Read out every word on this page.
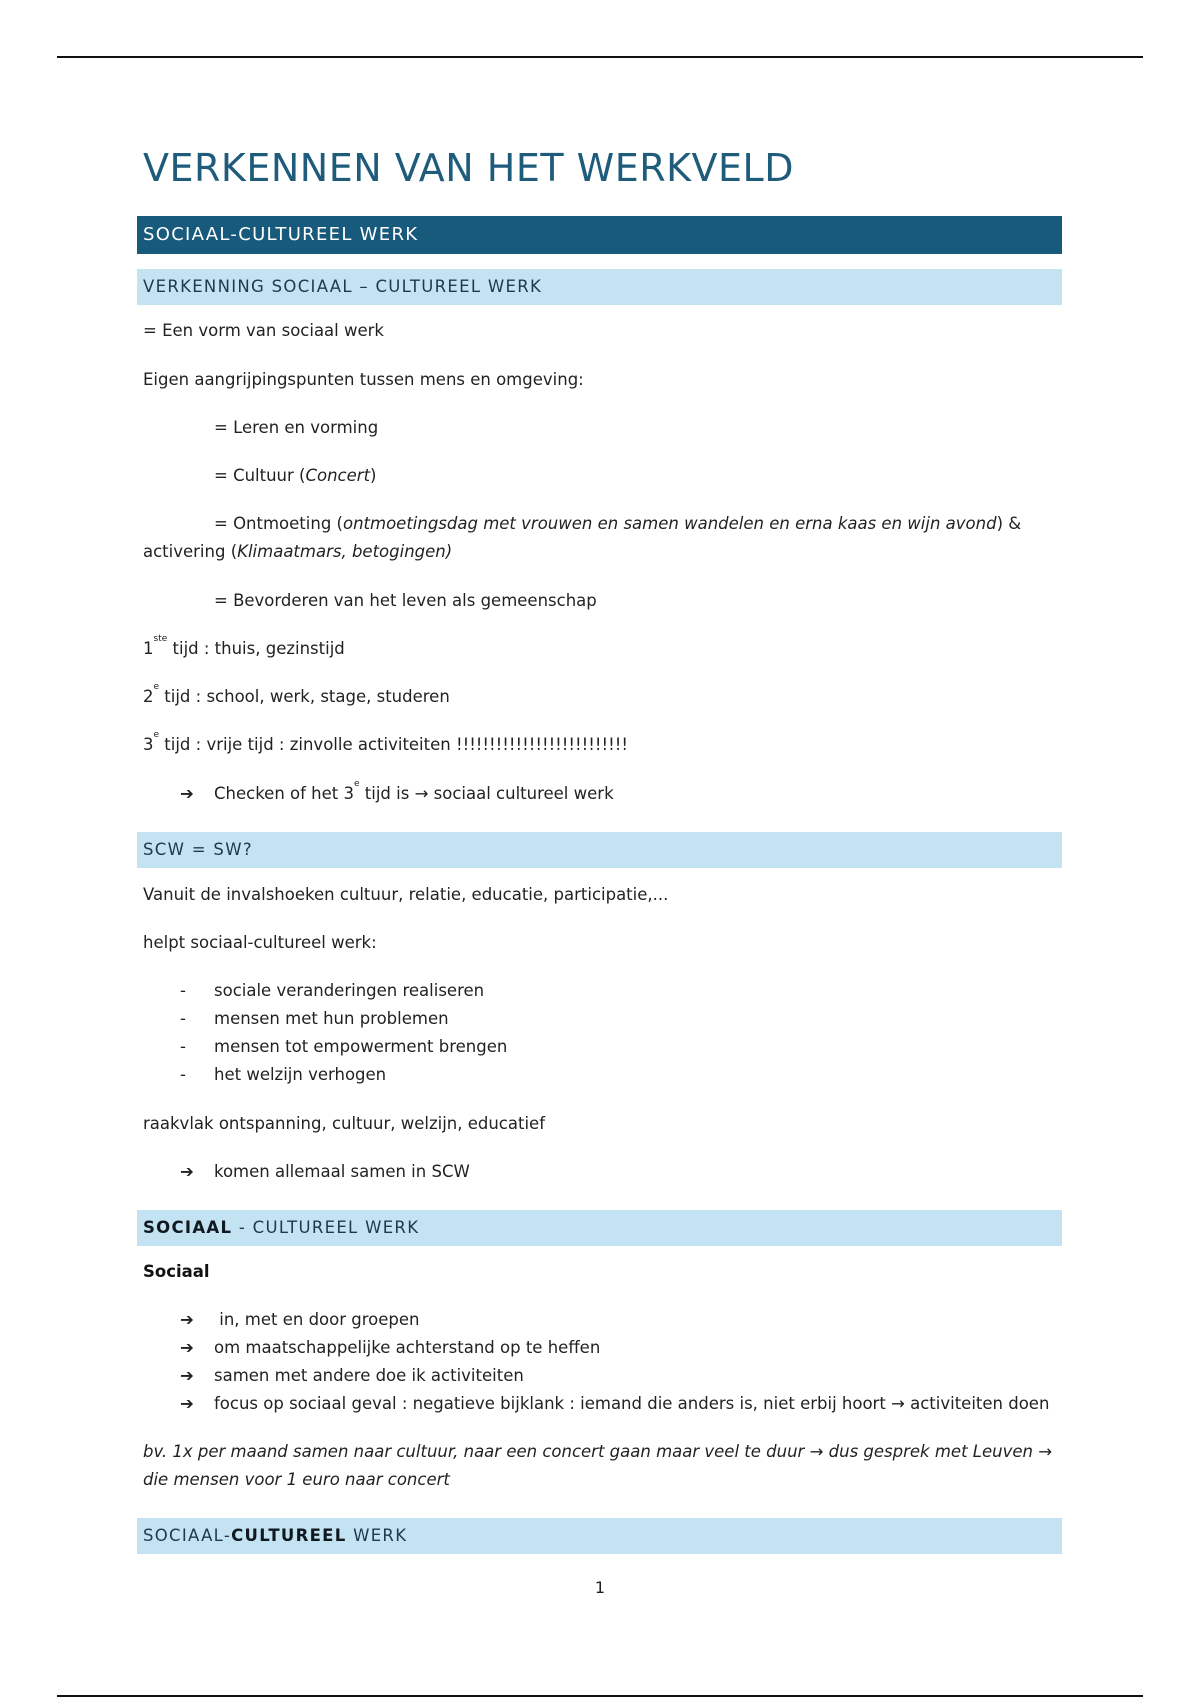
VERKENNEN VAN HET WERKVELD
SOCIAAL-CULTUREEL WERK
VERKENNING SOCIAAL – CULTUREEL WERK
= Een vorm van sociaal werk
Eigen aangrijpingspunten tussen mens en omgeving:
= Leren en vorming
= Cultuur (Concert)
= Ontmoeting (ontmoetingsdag met vrouwen en samen wandelen en erna kaas en wijn avond) &
activering (Klimaatmars, betogingen)
= Bevorderen van het leven als gemeenschap
1ste tijd : thuis, gezinstijd
2e tijd : school, werk, stage, studeren
3e tijd : vrije tijd : zinvolle activiteiten !!!!!!!!!!!!!!!!!!!!!!!!!!
➔ Checken of het 3e tijd is → sociaal cultureel werk
SCW = SW?
Vanuit de invalshoeken cultuur, relatie, educatie, participatie,...
helpt sociaal-cultureel werk:
- sociale veranderingen realiseren
- mensen met hun problemen
- mensen tot empowerment brengen
- het welzijn verhogen
raakvlak ontspanning, cultuur, welzijn, educatief
➔ komen allemaal samen in SCW
SOCIAAL - CULTUREEL WERK
Sociaal
➔ in, met en door groepen
➔ om maatschappelijke achterstand op te heffen
➔ samen met andere doe ik activiteiten
➔ focus op sociaal geval : negatieve bijklank : iemand die anders is, niet erbij hoort → activiteiten doen
bv. 1x per maand samen naar cultuur, naar een concert gaan maar veel te duur → dus gesprek met Leuven →
die mensen voor 1 euro naar concert
SOCIAAL-CULTUREEL WERK
1
